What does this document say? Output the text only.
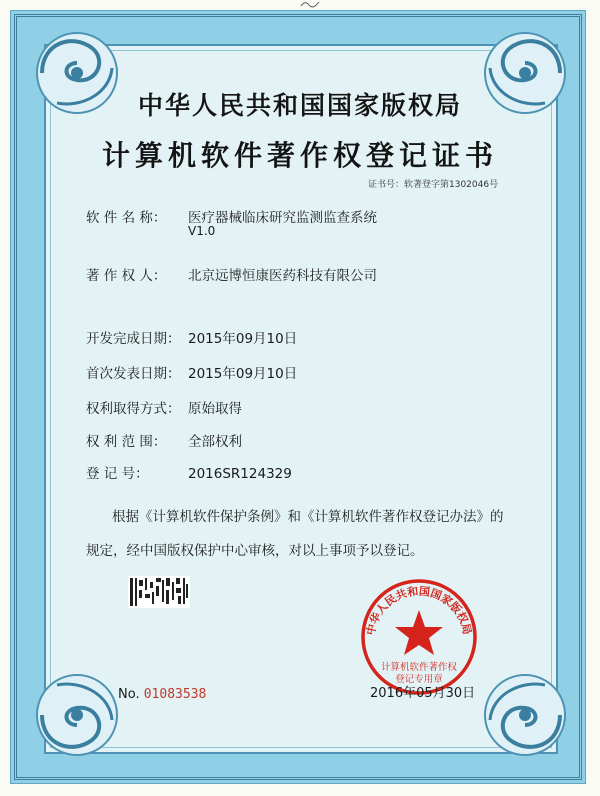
中华人民共和国国家版权局
计算机软件著作权登记证书
证书号：软著登字第1302046号
软 件 名 称： 医疗器械临床研究监测监查系统
V1.0
著 作 权 人： 北京远博恒康医药科技有限公司
开发完成日期： 2015年09月10日
首次发表日期： 2015年09月10日
权利取得方式： 原始取得
权 利 范 围： 全部权利
登 记 号：	2016SR124329
根据《计算机软件保护条例》和《计算机软件著作权登记办法》的
规定，经中国版权保护中心审核，对以上事项予以登记。
中华人民共和国国家版权局
计算机软件著作权
登记专用章
No. 01083538	2016年05月30日
